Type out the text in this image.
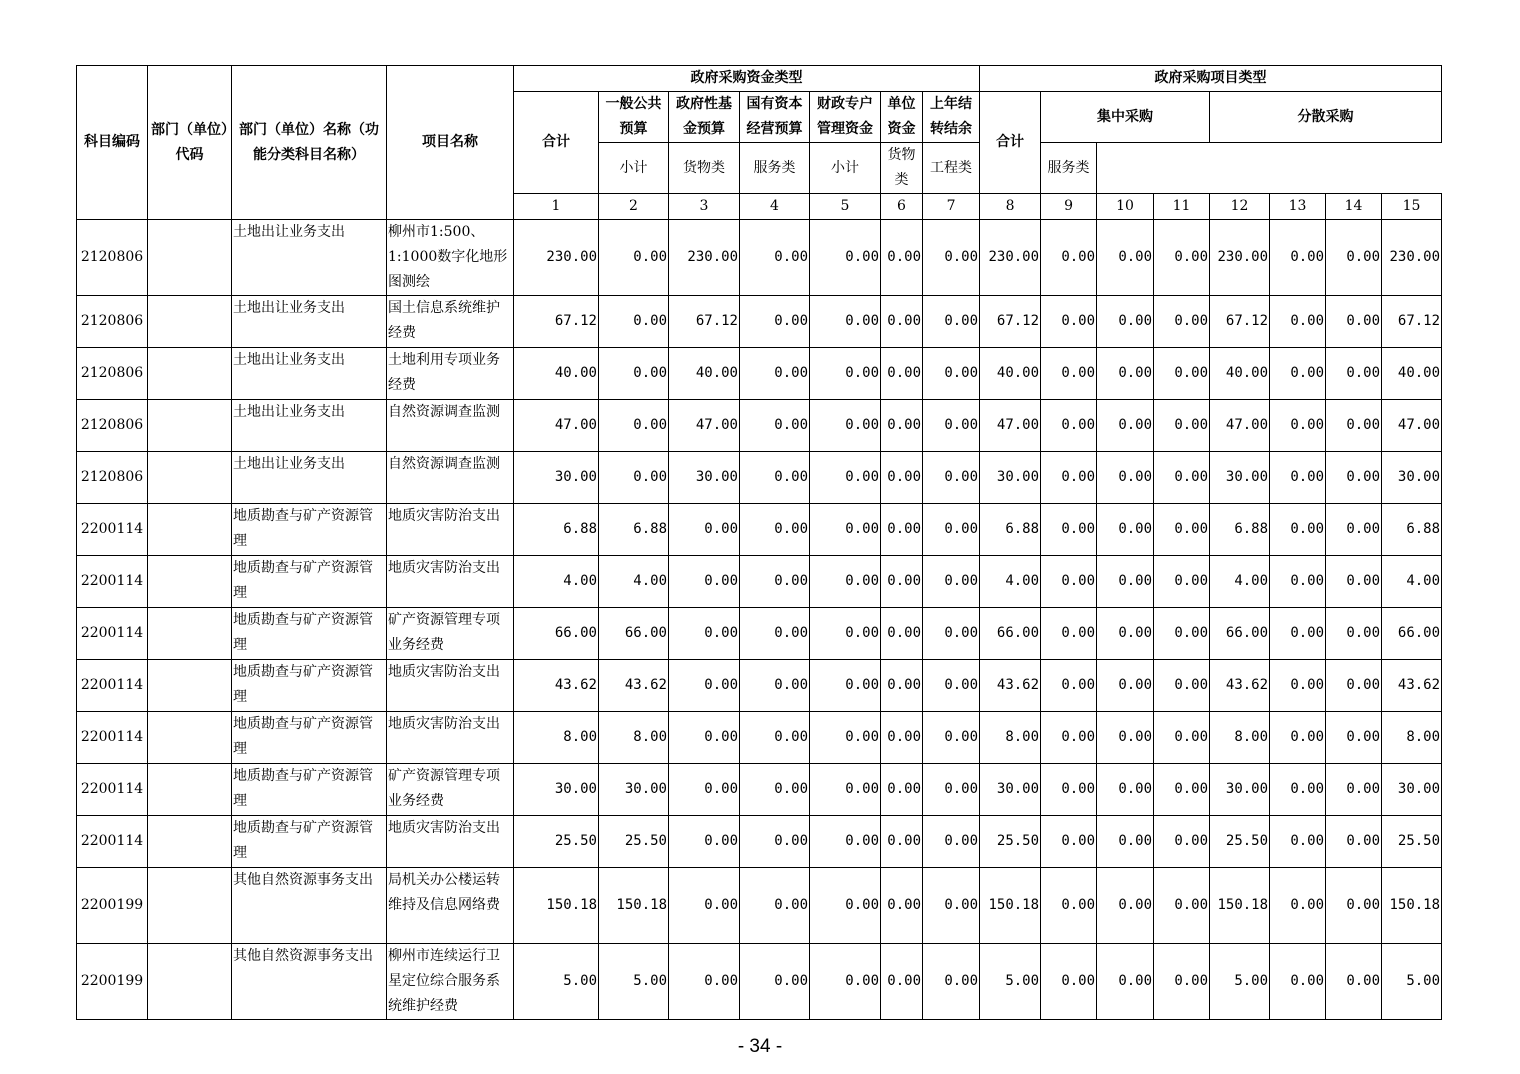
科目编码	部门（单位）代码	部门（单位）名称（功能分类科目名称）	项目名称	政府采购资金类型							政府采购项目类型							
				合计	一般公共预算	政府性基金预算	国有资本经营预算	财政专户管理资金	单位资金	上年结转结余	合计	集中采购			分散采购			
					小计	货物类	服务类	小计	货物类	工程类		服务类						
				1	2	3	4	5	6	7	8	9	10	11	12	13	14	15
2120806		土地出让业务支出	柳州市1:500、1:1000数字化地形图测绘	230.00	0.00	230.00	0.00	0.00	0.00	0.00	230.00	0.00	0.00	0.00	230.00	0.00	0.00	230.00
2120806		土地出让业务支出	国土信息系统维护经费	67.12	0.00	67.12	0.00	0.00	0.00	0.00	67.12	0.00	0.00	0.00	67.12	0.00	0.00	67.12
2120806		土地出让业务支出	土地利用专项业务经费	40.00	0.00	40.00	0.00	0.00	0.00	0.00	40.00	0.00	0.00	0.00	40.00	0.00	0.00	40.00
2120806		土地出让业务支出	自然资源调查监测	47.00	0.00	47.00	0.00	0.00	0.00	0.00	47.00	0.00	0.00	0.00	47.00	0.00	0.00	47.00
2120806		土地出让业务支出	自然资源调查监测	30.00	0.00	30.00	0.00	0.00	0.00	0.00	30.00	0.00	0.00	0.00	30.00	0.00	0.00	30.00
2200114		地质勘查与矿产资源管理	地质灾害防治支出	6.88	6.88	0.00	0.00	0.00	0.00	0.00	6.88	0.00	0.00	0.00	6.88	0.00	0.00	6.88
2200114		地质勘查与矿产资源管理	地质灾害防治支出	4.00	4.00	0.00	0.00	0.00	0.00	0.00	4.00	0.00	0.00	0.00	4.00	0.00	0.00	4.00
2200114		地质勘查与矿产资源管理	矿产资源管理专项业务经费	66.00	66.00	0.00	0.00	0.00	0.00	0.00	66.00	0.00	0.00	0.00	66.00	0.00	0.00	66.00
2200114		地质勘查与矿产资源管理	地质灾害防治支出	43.62	43.62	0.00	0.00	0.00	0.00	0.00	43.62	0.00	0.00	0.00	43.62	0.00	0.00	43.62
2200114		地质勘查与矿产资源管理	地质灾害防治支出	8.00	8.00	0.00	0.00	0.00	0.00	0.00	8.00	0.00	0.00	0.00	8.00	0.00	0.00	8.00
2200114		地质勘查与矿产资源管理	矿产资源管理专项业务经费	30.00	30.00	0.00	0.00	0.00	0.00	0.00	30.00	0.00	0.00	0.00	30.00	0.00	0.00	30.00
2200114		地质勘查与矿产资源管理	地质灾害防治支出	25.50	25.50	0.00	0.00	0.00	0.00	0.00	25.50	0.00	0.00	0.00	25.50	0.00	0.00	25.50
2200199		其他自然资源事务支出	局机关办公楼运转维持及信息网络费	150.18	150.18	0.00	0.00	0.00	0.00	0.00	150.18	0.00	0.00	0.00	150.18	0.00	0.00	150.18
2200199		其他自然资源事务支出	柳州市连续运行卫星定位综合服务系统维护经费	5.00	5.00	0.00	0.00	0.00	0.00	0.00	5.00	0.00	0.00	0.00	5.00	0.00	0.00	5.00
- 34 -
